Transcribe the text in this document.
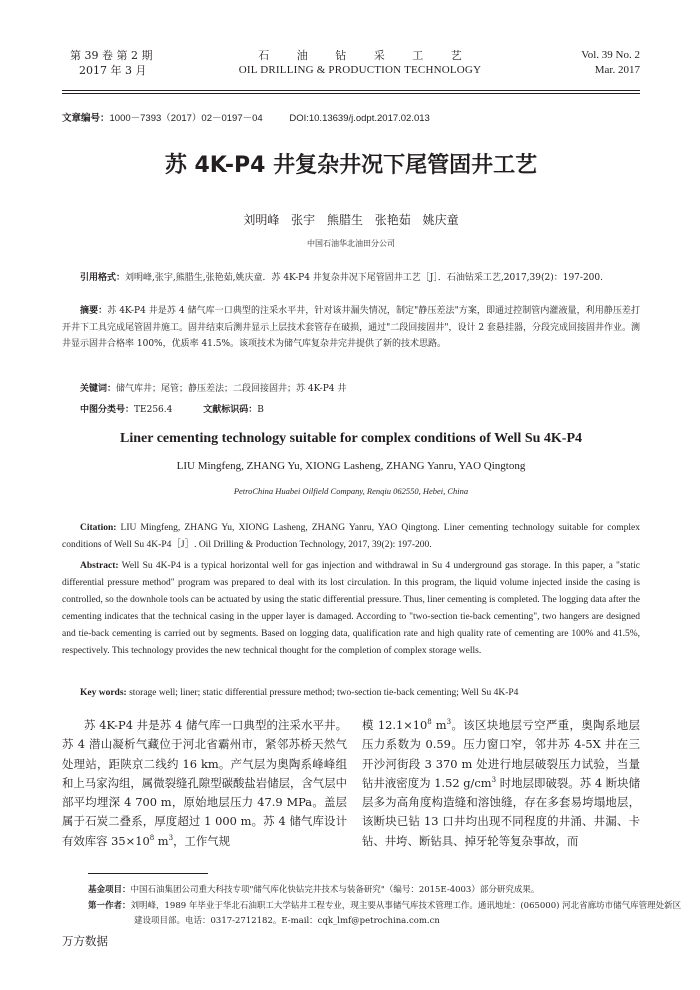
第 39 卷 第 2 期
2017 年 3 月
石 油 钻 采 工 艺
OIL DRILLING & PRODUCTION TECHNOLOGY
Vol. 39 No. 2
Mar. 2017
文章编号：1000－7393（2017）02－0197－04	DOI:10.13639/j.odpt.2017.02.013
苏 4K-P4 井复杂井况下尾管固井工艺
刘明峰 张宇 熊腊生 张艳茹 姚庆童
中国石油华北油田分公司
引用格式：刘明峰,张宇,熊腊生,张艳茹,姚庆童．苏 4K-P4 井复杂井况下尾管固井工艺［J］．石油钻采工艺,2017,39(2)：197-200.
摘要：苏 4K-P4 井是苏 4 储气库一口典型的注采水平井，针对该井漏失情况，制定"静压差法"方案，即通过控制管内灌液量，利用静压差打开井下工具完成尾管固井施工。固井结束后测井显示上层技术套管存在破损，通过"二段回接固井"，设计 2 套悬挂器，分段完成回接固井作业。测井显示固井合格率 100%，优质率 41.5%。该项技术为储气库复杂井完井提供了新的技术思路。
关键词：储气库井；尾管；静压差法；二段回接固井；苏 4K-P4 井
中图分类号：TE256.4	文献标识码：B
Liner cementing technology suitable for complex conditions of Well Su 4K-P4
LIU Mingfeng, ZHANG Yu, XIONG Lasheng, ZHANG Yanru, YAO Qingtong
PetroChina Huabei Oilfield Company, Renqiu 062550, Hebei, China
Citation: LIU Mingfeng, ZHANG Yu, XIONG Lasheng, ZHANG Yanru, YAO Qingtong. Liner cementing technology suitable for complex conditions of Well Su 4K-P4［J］. Oil Drilling & Production Technology, 2017, 39(2): 197-200.
Abstract: Well Su 4K-P4 is a typical horizontal well for gas injection and withdrawal in Su 4 underground gas storage. In this paper, a "static differential pressure method" program was prepared to deal with its lost circulation. In this program, the liquid volume injected inside the casing is controlled, so the downhole tools can be actuated by using the static differential pressure. Thus, liner cementing is completed. The logging data after the cementing indicates that the technical casing in the upper layer is damaged. According to "two-section tie-back cementing", two hangers are designed and tie-back cementing is carried out by segments. Based on logging data, qualification rate and high quality rate of cementing are 100% and 41.5%, respectively. This technology provides the new technical thought for the completion of complex storage wells.
Key words: storage well; liner; static differential pressure method; two-section tie-back cementing; Well Su 4K-P4
苏 4K-P4 井是苏 4 储气库一口典型的注采水平井。苏 4 潜山凝析气藏位于河北省霸州市，紧邻苏桥天然气处理站，距陕京二线约 16 km。产气层为奥陶系峰峰组和上马家沟组，属微裂缝孔隙型碳酸盐岩储层，含气层中部平均埋深 4 700 m，原始地层压力 47.9 MPa。盖层属于石炭二叠系，厚度超过 1 000 m。苏 4 储气库设计有效库容 $35\times 10^8$ $m^3$，工作气规
模 $12.1\times 10^8$ $m^3$。该区块地层亏空严重，奥陶系地层压力系数为 0.59。压力窗口窄，邻井苏 4-5X 井在三开沙河街段 3 370 m 处进行地层破裂压力试验，当量钻井液密度为 1.52 $g/cm^3$ 时地层即破裂。苏 4 断块储层多为高角度构造缝和溶蚀缝，存在多套易垮塌地层，该断块已钻 13 口井均出现不同程度的井涌、井漏、卡钻、井垮、断钻具、掉牙轮等复杂事故，而
基金项目：中国石油集团公司重大科技专项"储气库化快钻完井技术与装备研究"（编号：2015E-4003）部分研究成果。
第一作者：刘明峰，1989 年毕业于华北石油职工大学钻井工程专业，现主要从事储气库技术管理工作。通讯地址：(065000) 河北省廊坊市储气库管理处新区建设项目部。电话：0317-2712182。E-mail：cqk_lmf@petrochina.com.cn
万方数据
